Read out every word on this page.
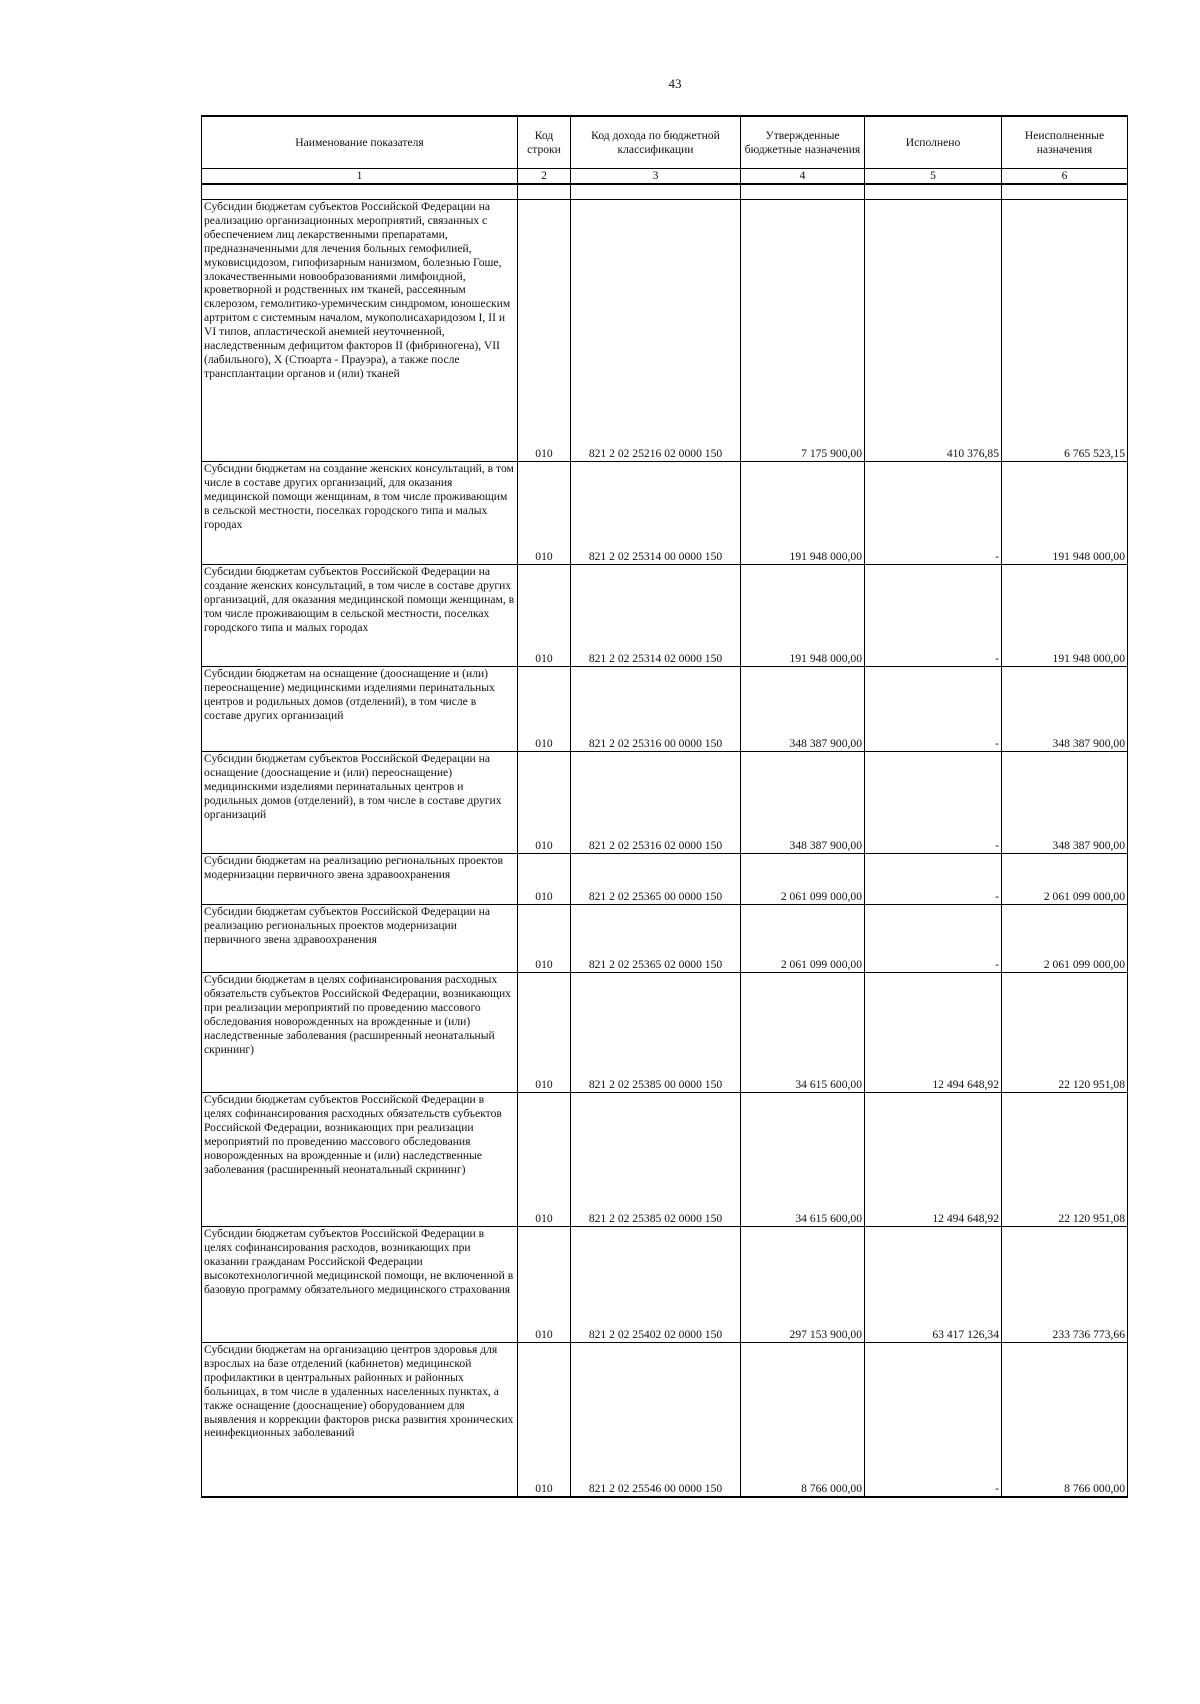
43
Наименование показателя	Код строки	Код дохода по бюджетной классификации	Утвержденные бюджетные назначения	Исполнено	Неисполненные назначения
1	2	3	4	5	6

Субсидии бюджетам субъектов Российской Федерации на реализацию организационных мероприятий, связанных с обеспечением лиц лекарственными препаратами, предназначенными для лечения больных гемофилией, муковисцидозом, гипофизарным нанизмом, болезнью Гоше, злокачественными новообразованиями лимфоидной, кроветворной и родственных им тканей, рассеянным склерозом, гемолитико-уремическим синдромом, юношеским артритом с системным началом, мукополисахаридозом I, II и VI типов, апластической анемией неуточненной, наследственным дефицитом факторов II (фибриногена), VII (лабильного), X (Стюарта - Прауэра), а также после трансплантации органов и (или) тканей	010	821 2 02 25216 02 0000 150	7 175 900,00	410 376,85	6 765 523,15
Субсидии бюджетам на создание женских консультаций, в том числе в составе других организаций, для оказания медицинской помощи женщинам, в том числе проживающим в сельской местности, поселках городского типа и малых городах	010	821 2 02 25314 00 0000 150	191 948 000,00	-	191 948 000,00
Субсидии бюджетам субъектов Российской Федерации на создание женских консультаций, в том числе в составе других организаций, для оказания медицинской помощи женщинам, в том числе проживающим в сельской местности, поселках городского типа и малых городах	010	821 2 02 25314 02 0000 150	191 948 000,00	-	191 948 000,00
Субсидии бюджетам на оснащение (дооснащение и (или) переоснащение) медицинскими изделиями перинатальных центров и родильных домов (отделений), в том числе в составе других организаций	010	821 2 02 25316 00 0000 150	348 387 900,00	-	348 387 900,00
Субсидии бюджетам субъектов Российской Федерации на оснащение (дооснащение и (или) переоснащение) медицинскими изделиями перинатальных центров и родильных домов (отделений), в том числе в составе других организаций	010	821 2 02 25316 02 0000 150	348 387 900,00	-	348 387 900,00
Субсидии бюджетам на реализацию региональных проектов модернизации первичного звена здравоохранения	010	821 2 02 25365 00 0000 150	2 061 099 000,00	-	2 061 099 000,00
Субсидии бюджетам субъектов Российской Федерации на реализацию региональных проектов модернизации первичного звена здравоохранения	010	821 2 02 25365 02 0000 150	2 061 099 000,00	-	2 061 099 000,00
Субсидии бюджетам в целях софинансирования расходных обязательств субъектов Российской Федерации, возникающих при реализации мероприятий по проведению массового обследования новорожденных на врожденные и (или) наследственные заболевания (расширенный неонатальный скрининг)	010	821 2 02 25385 00 0000 150	34 615 600,00	12 494 648,92	22 120 951,08
Субсидии бюджетам субъектов Российской Федерации в целях софинансирования расходных обязательств субъектов Российской Федерации, возникающих при реализации мероприятий по проведению массового обследования новорожденных на врожденные и (или) наследственные заболевания (расширенный неонатальный скрининг)	010	821 2 02 25385 02 0000 150	34 615 600,00	12 494 648,92	22 120 951,08
Субсидии бюджетам субъектов Российской Федерации в целях софинансирования расходов, возникающих при оказании гражданам Российской Федерации высокотехнологичной медицинской помощи, не включенной в базовую программу обязательного медицинского страхования	010	821 2 02 25402 02 0000 150	297 153 900,00	63 417 126,34	233 736 773,66
Субсидии бюджетам на организацию центров здоровья для взрослых на базе отделений (кабинетов) медицинской профилактики в центральных районных и районных больницах, в том числе в удаленных населенных пунктах, а также оснащение (дооснащение) оборудованием для выявления и коррекции факторов риска развития хронических неинфекционных заболеваний	010	821 2 02 25546 00 0000 150	8 766 000,00	-	8 766 000,00
